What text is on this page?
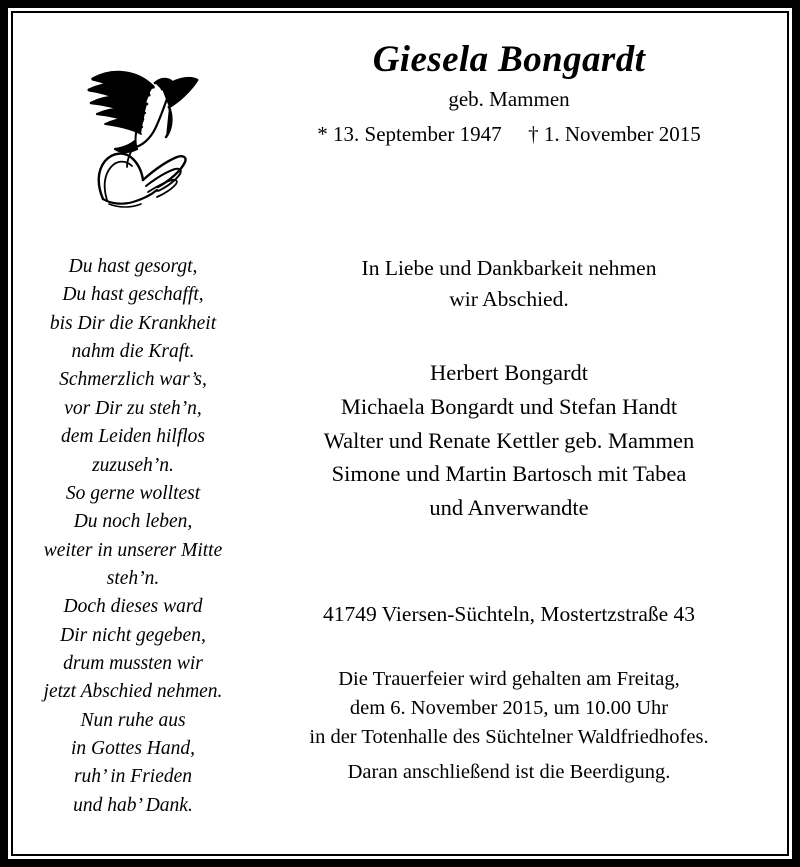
Giesela Bongardt
geb. Mammen
* 13. September 1947 † 1. November 2015
Du hast gesorgt,
Du hast geschafft,
bis Dir die Krankheit
nahm die Kraft.
Schmerzlich war’s,
vor Dir zu steh’n,
dem Leiden hilflos
zuzuseh’n.
So gerne wolltest
Du noch leben,
weiter in unserer Mitte
steh’n.
Doch dieses ward
Dir nicht gegeben,
drum mussten wir
jetzt Abschied nehmen.
Nun ruhe aus
in Gottes Hand,
ruh’ in Frieden
und hab’ Dank.
In Liebe und Dankbarkeit nehmen
wir Abschied.
Herbert Bongardt
Michaela Bongardt und Stefan Handt
Walter und Renate Kettler geb. Mammen
Simone und Martin Bartosch mit Tabea
und Anverwandte
41749 Viersen-Süchteln, Mostertzstraße 43
Die Trauerfeier wird gehalten am Freitag,
dem 6. November 2015, um 10.00 Uhr
in der Totenhalle des Süchtelner Waldfriedhofes.
Daran anschließend ist die Beerdigung.
